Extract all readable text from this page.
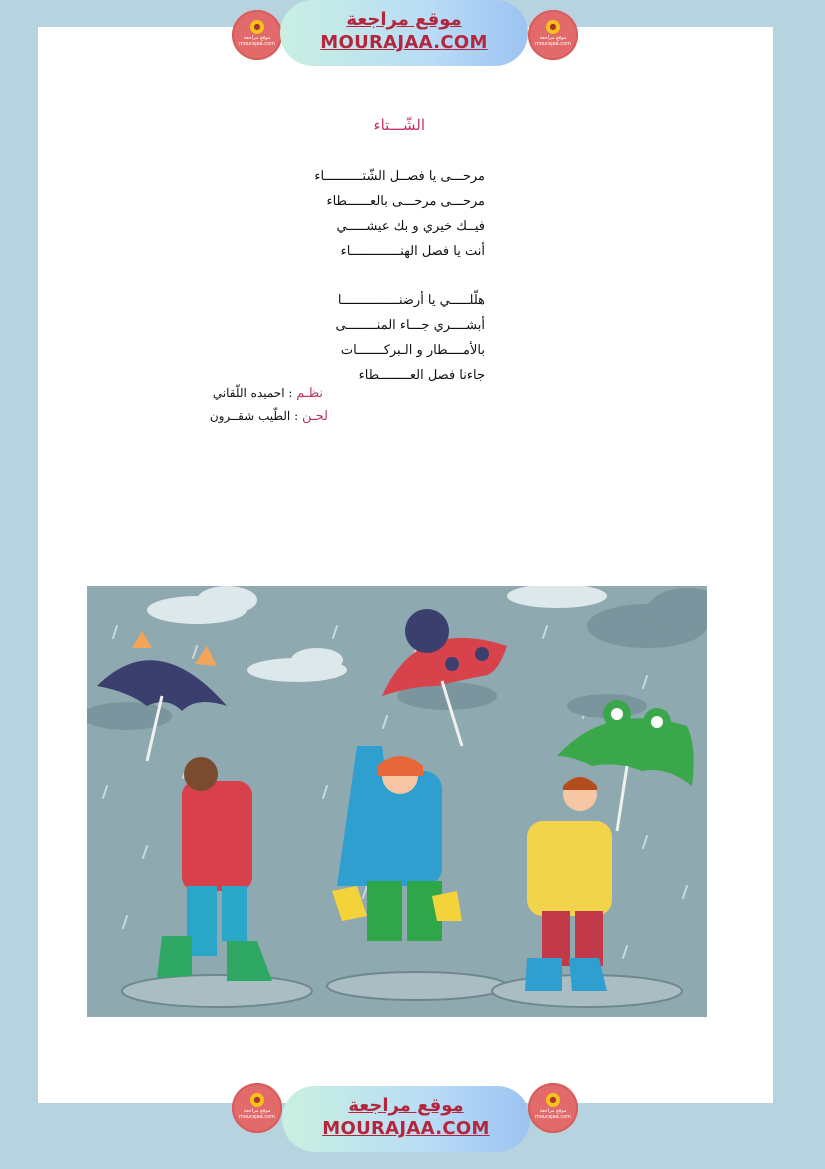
●
موقع مراجعة
mourajaa.com
موقع مراجعة
MOURAJAA.COM
●
موقع مراجعة
mourajaa.com
الشّـــتاء
مرحـــى يا فصــل الشّتــــــــــاء
مرحـــى مرحـــى بالعــــــطاء
فيــك خيري و بك عيشـــــي
أنت يا فصل الهنـــــــــــــاء
هلّلـــــي يا أرضنـــــــــــــــا
أبشــــري جـــاء المنــــــــى
بالأمــــطار و الـبركـــــــات
جاءنا فصل العــــــــطاء
نظـم : احميده اللّقاني
لحـن : الطّيب شقــرون
●
موقع مراجعة
mourajaa.com
موقع مراجعة
MOURAJAA.COM
●
موقع مراجعة
mourajaa.com
